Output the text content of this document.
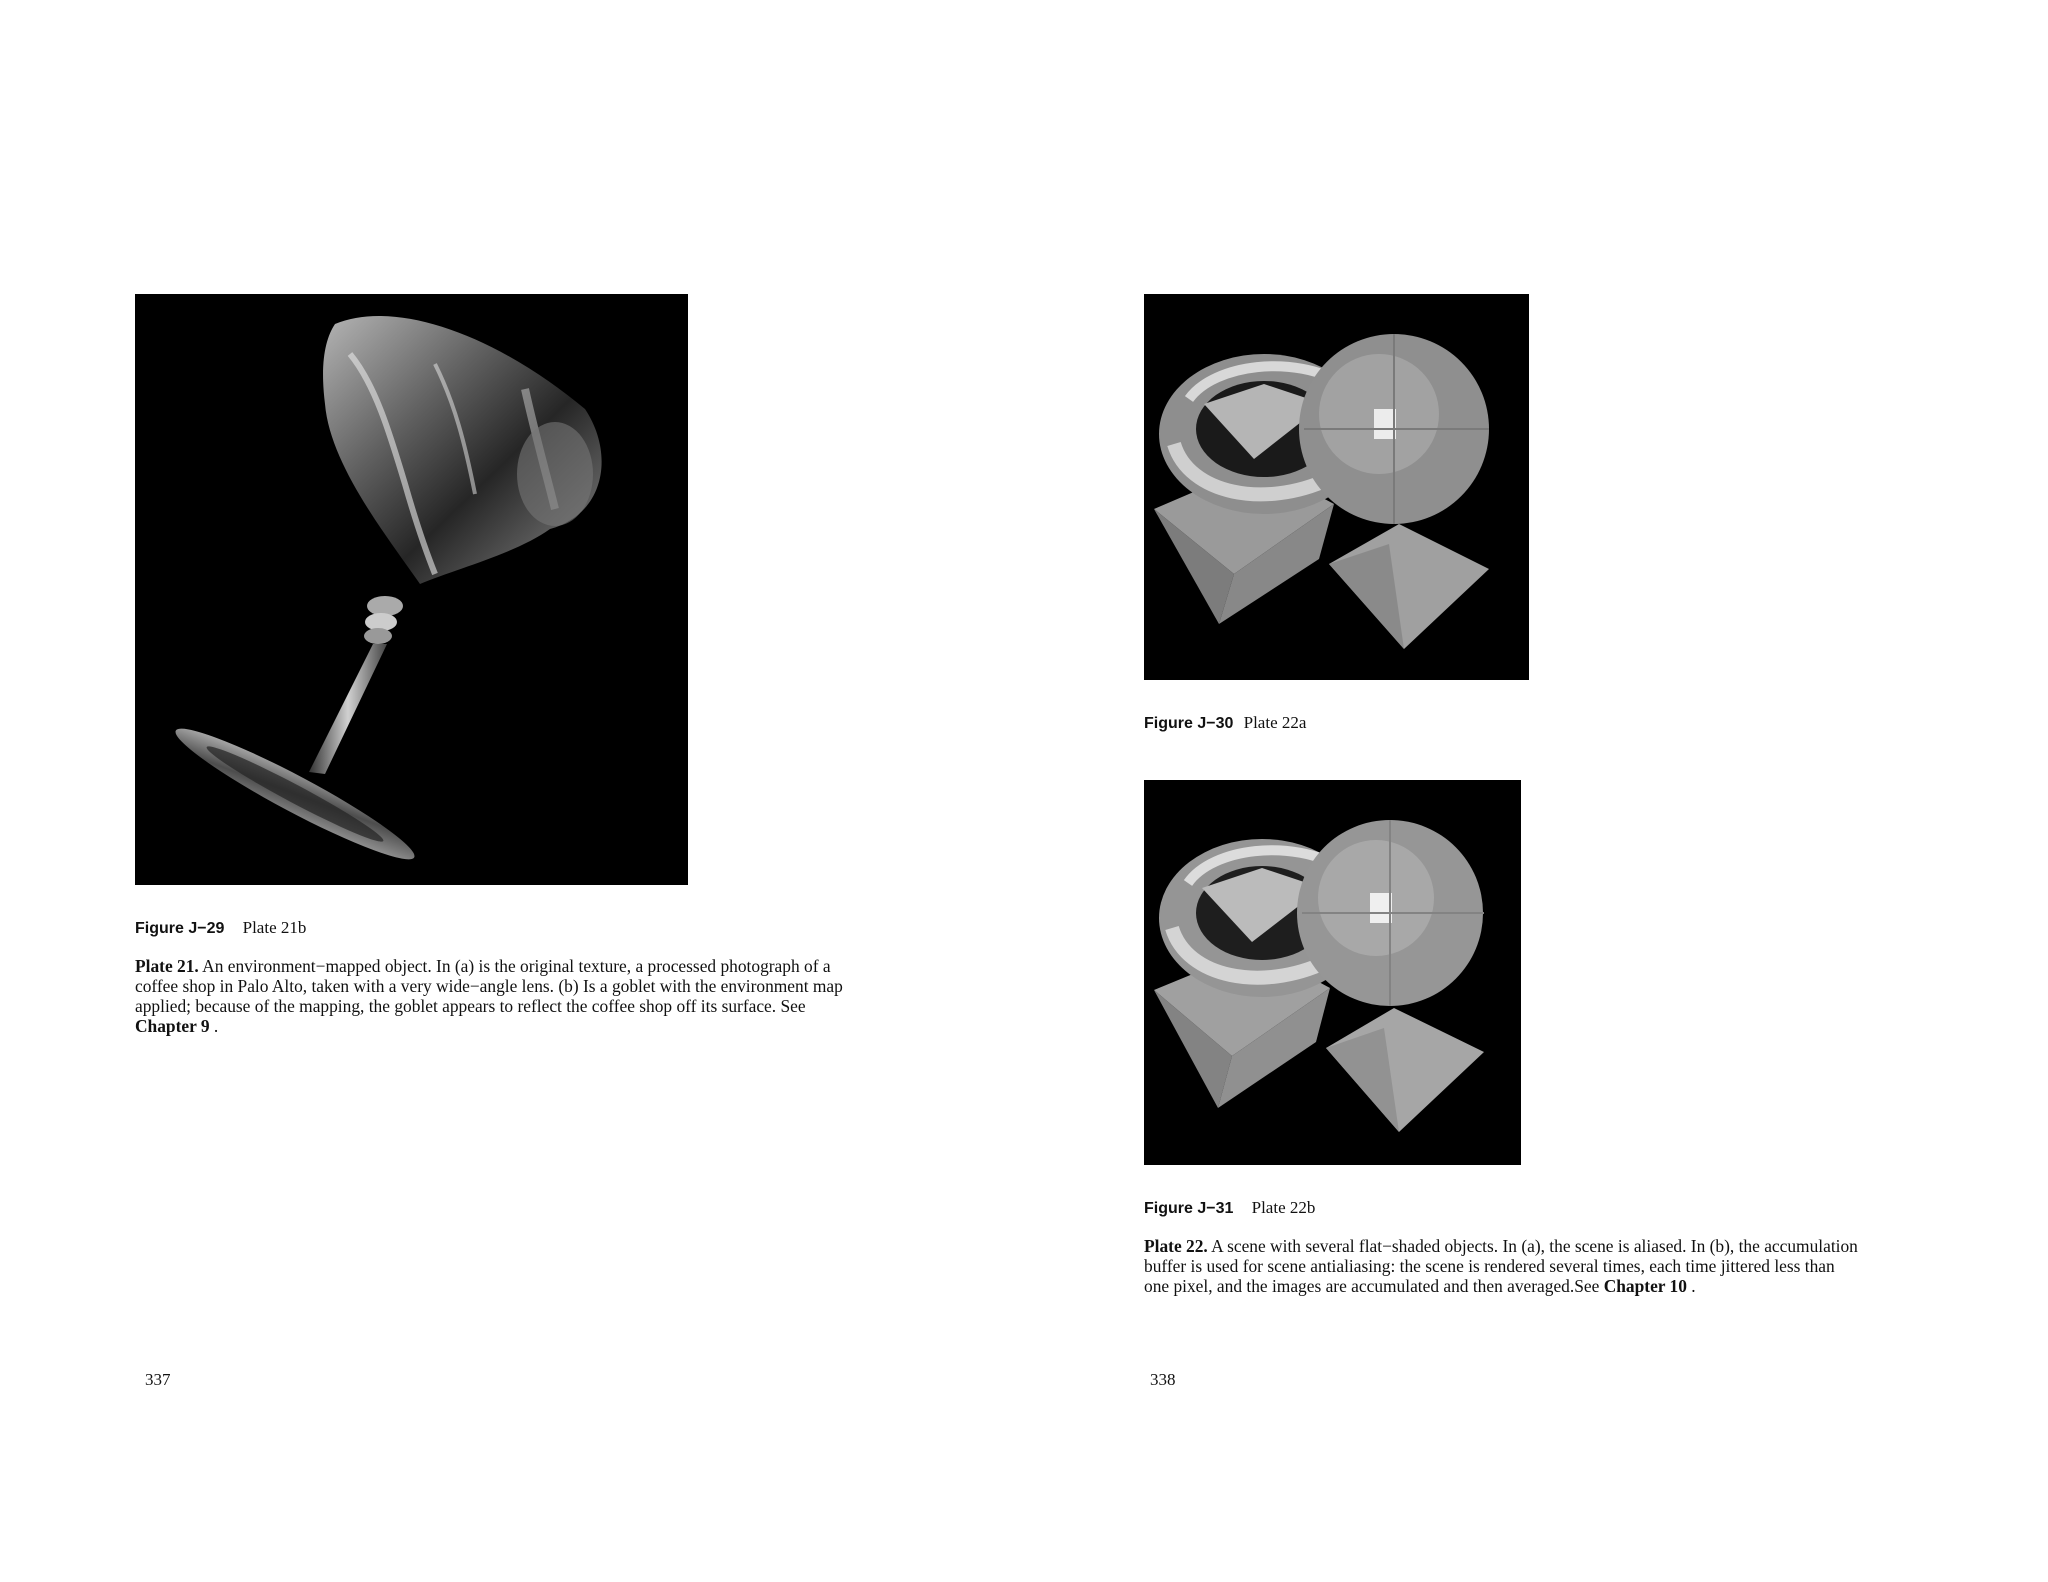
Figure J−29 Plate 21b

Plate 21. An environment−mapped object. In (a) is the original texture, a processed photograph of a

coffee shop in Palo Alto, taken with a very wide−angle lens. (b) Is a goblet with the environment map

applied; because of the mapping, the goblet appears to reflect the coffee shop off its surface. See

Chapter 9 .

337
Figure J−30 Plate 22a
Figure J−31 Plate 22b

Plate 22. A scene with several flat−shaded objects. In (a), the scene is aliased. In (b), the accumulation

buffer is used for scene antialiasing: the scene is rendered several times, each time jittered less than

one pixel, and the images are accumulated and then averaged.See Chapter 10 .

338
